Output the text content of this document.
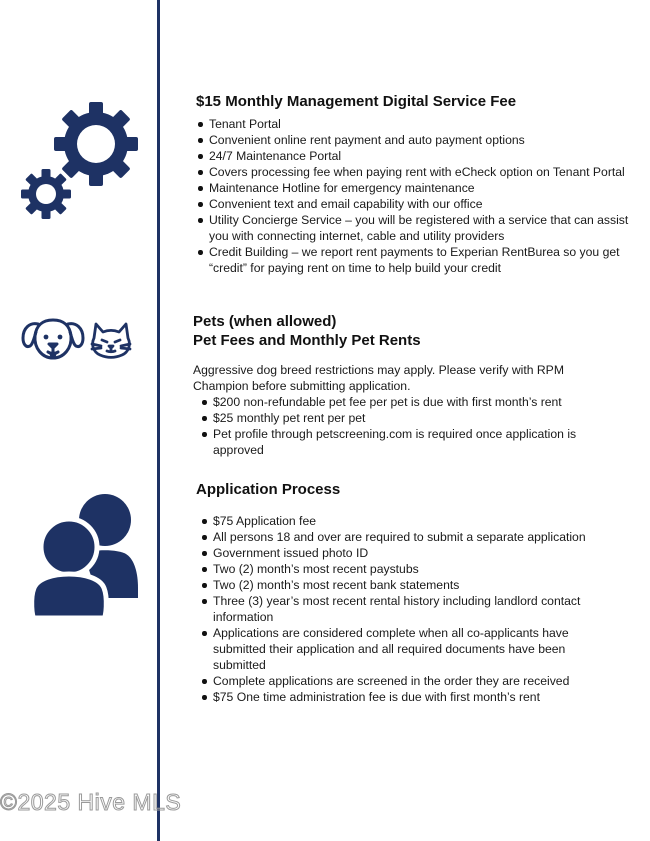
$15 Monthly Management Digital Service Fee
Tenant Portal
Convenient online rent payment and auto payment options
24/7 Maintenance Portal
Covers processing fee when paying rent with eCheck option on Tenant Portal
Maintenance Hotline for emergency maintenance
Convenient text and email capability with our office
Utility Concierge Service – you will be registered with a service that can assist you with connecting internet, cable and utility providers
Credit Building – we report rent payments to Experian RentBurea so you get “credit” for paying rent on time to help build your credit
Pets (when allowed)
Pet Fees and Monthly Pet Rents
Aggressive dog breed restrictions may apply. Please verify with RPM Champion before submitting application.
$200 non-refundable pet fee per pet is due with first month’s rent
$25 monthly pet rent per pet
Pet profile through petscreening.com is required once application is approved
Application Process
$75 Application fee
All persons 18 and over are required to submit a separate application
Government issued photo ID
Two (2) month’s most recent paystubs
Two (2) month’s most recent bank statements
Three (3) year’s most recent rental history including landlord contact information
Applications are considered complete when all co-applicants have submitted their application and all required documents have been submitted
Complete applications are screened in the order they are received
$75 One time administration fee is due with first month’s rent
©2025 Hive MLS
